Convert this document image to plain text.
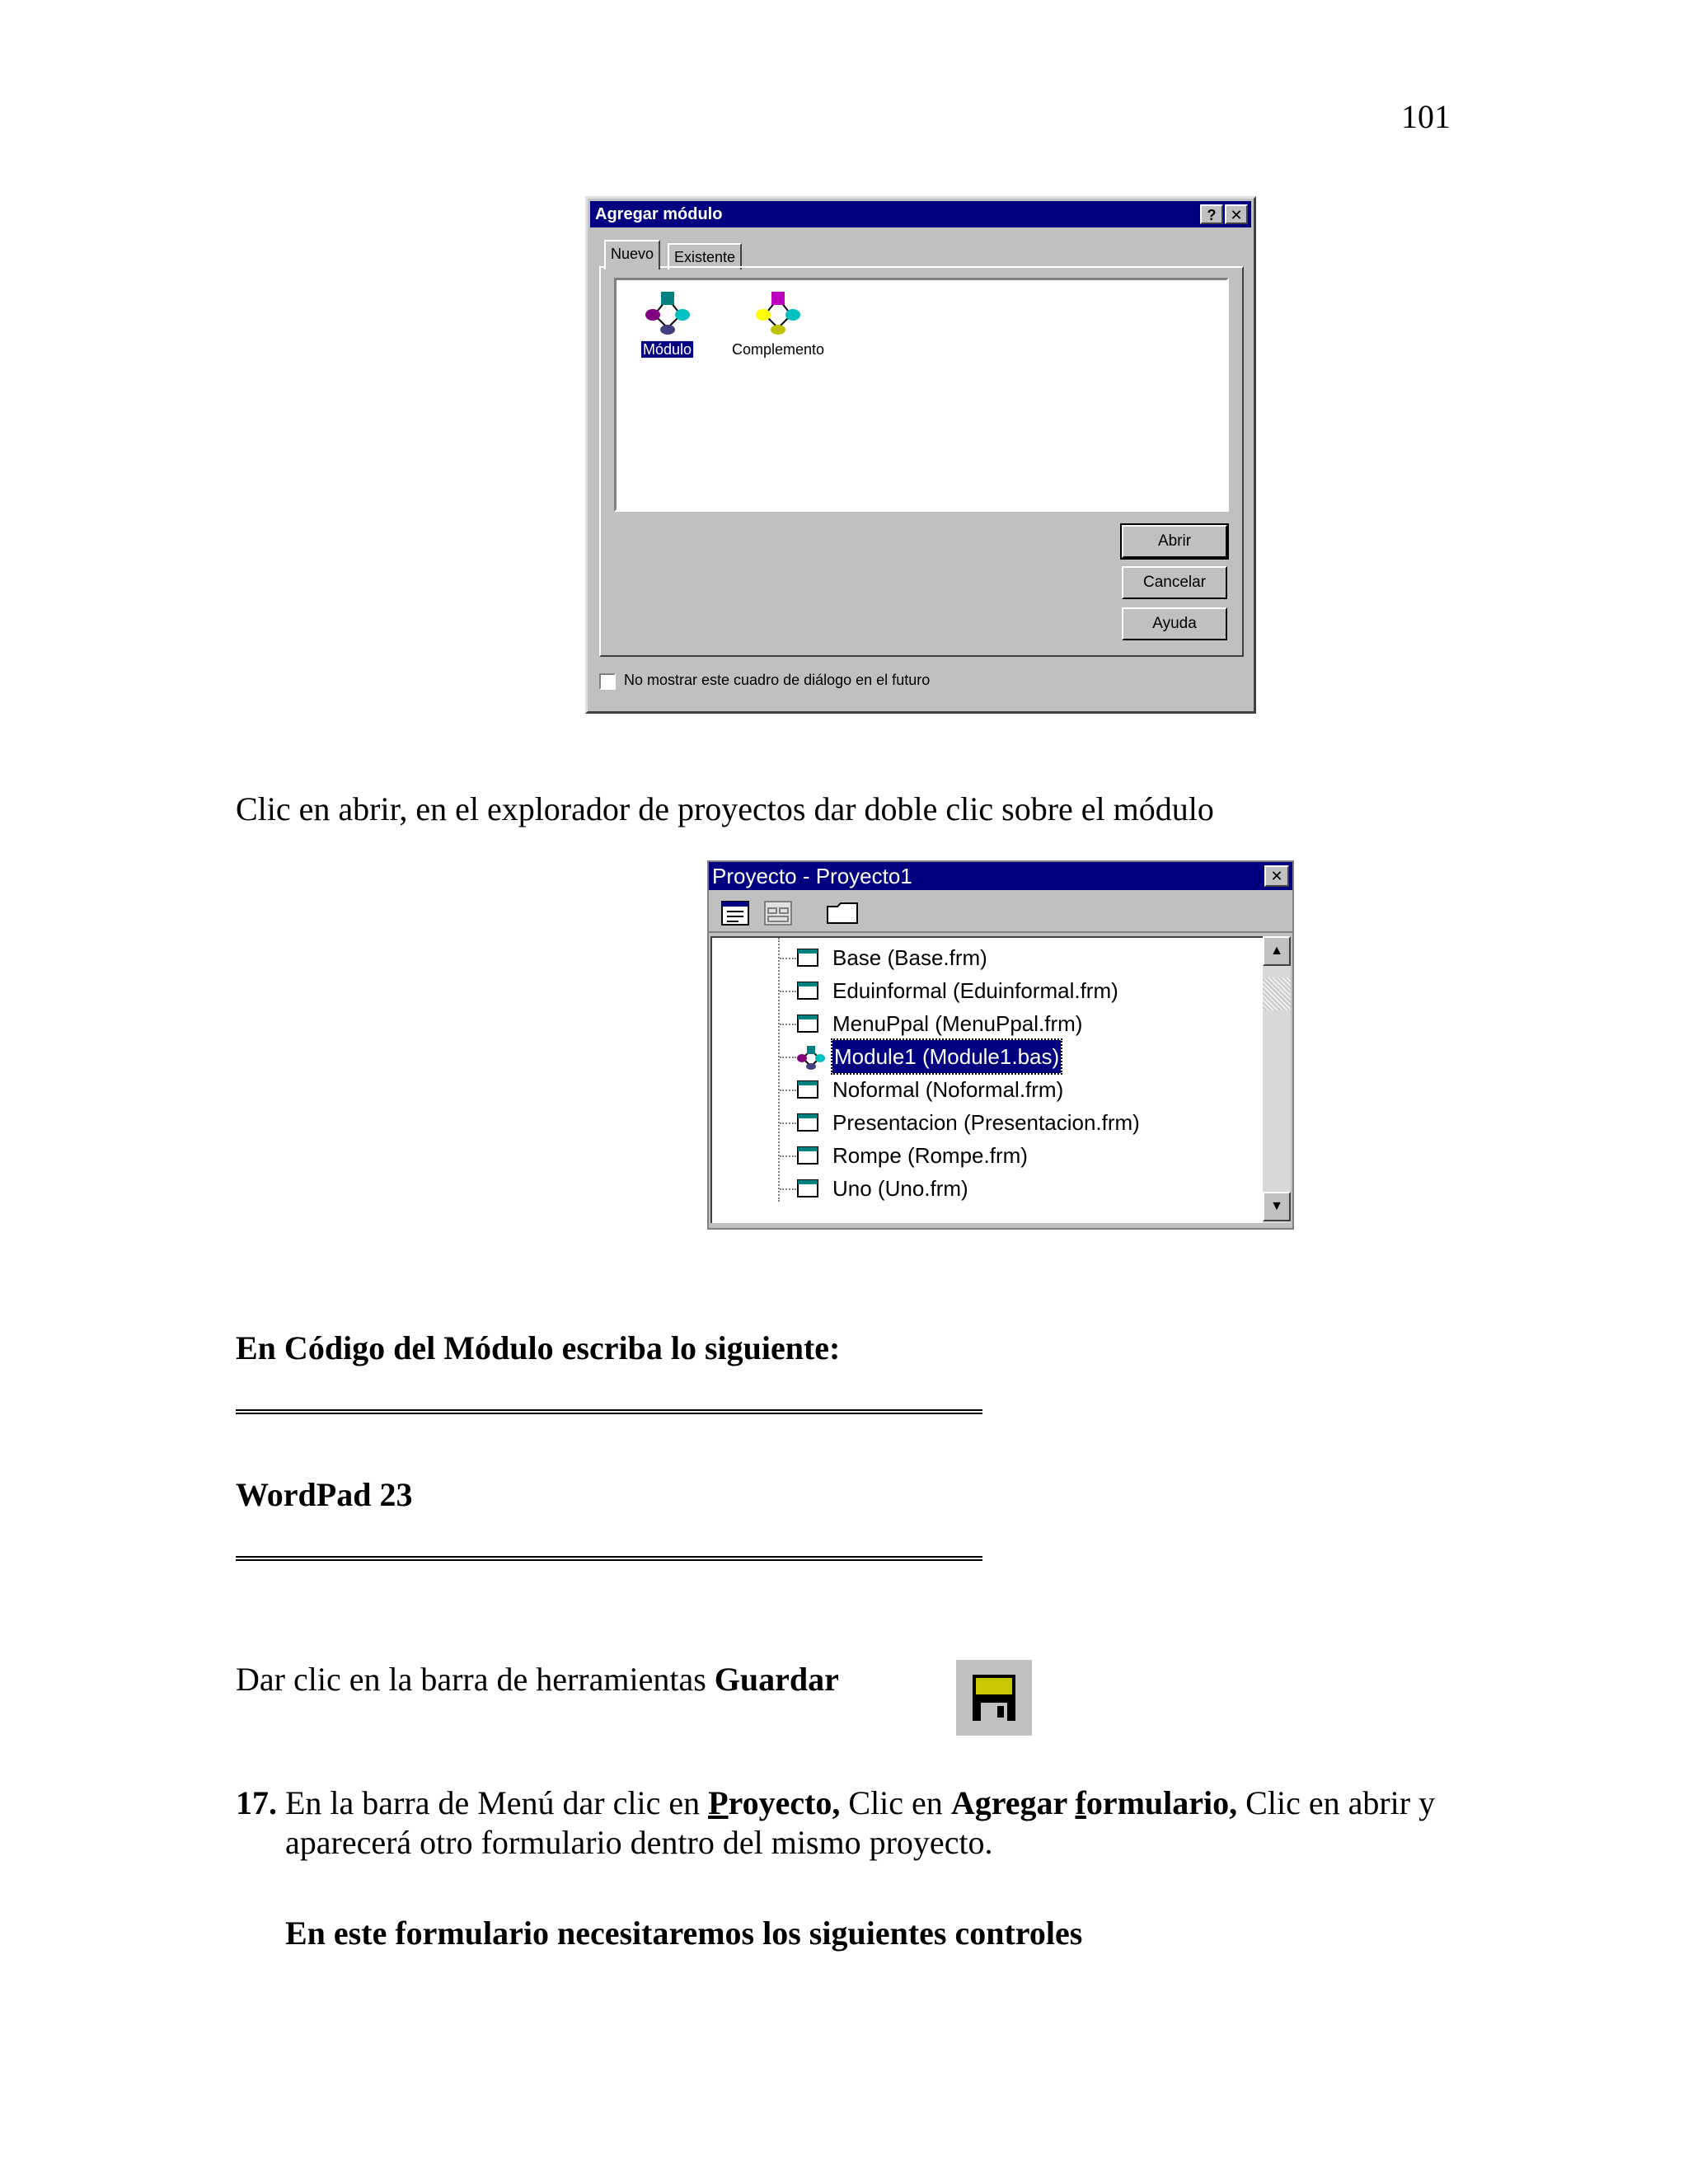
101
Agregar módulo	? ✕
Nuevo	Existente
Módulo	Complemento
Abrir
Cancelar
Ayuda
No mostrar este cuadro de diálogo en el futuro
Clic en abrir, en el explorador de proyectos dar doble clic sobre el módulo
Proyecto - Proyecto1	✕
Base (Base.frm)
Eduinformal (Eduinformal.frm)
MenuPpal (MenuPpal.frm)
Module1 (Module1.bas)
Noformal (Noformal.frm)
Presentacion (Presentacion.frm)
Rompe (Rompe.frm)
Uno (Uno.frm)
▲
▼
En Código del Módulo escriba lo siguiente:
WordPad 23
Dar clic en la barra de herramientas Guardar
17. En la barra de Menú dar clic en Proyecto, Clic en Agregar formulario, Clic en abrir y aparecerá otro formulario dentro del mismo proyecto.
En este formulario necesitaremos los siguientes controles
